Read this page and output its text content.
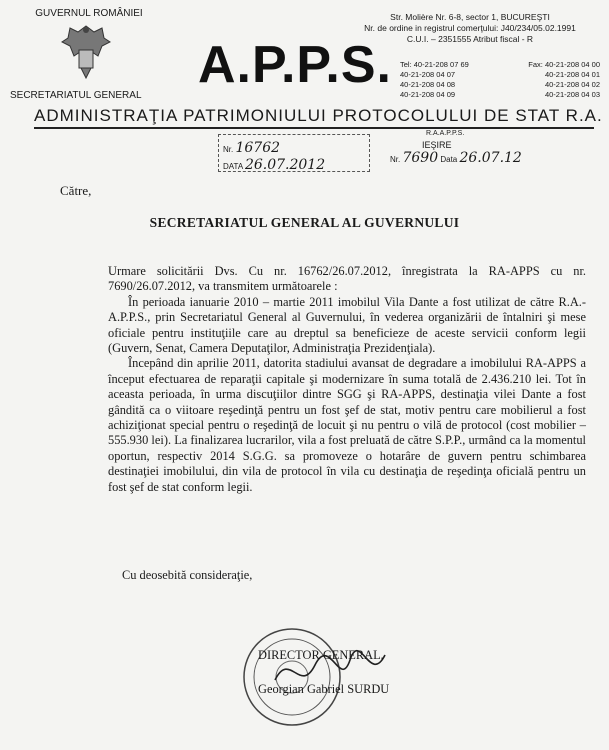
GUVERNUL ROMÂNIEI
SECRETARIATUL GENERAL
A.P.P.S.
Str. Molière Nr. 6-8, sector 1, BUCUREŞTI
Nr. de ordine in registrul comerţului: J40/234/05.02.1991
C.U.I. – 2351555 Atribut fiscal - R
Tel: 40-21-208 07 69	Fax: 40-21-208 04 00
40-21-208 04 07	40-21-208 04 01
40-21-208 04 08	40-21-208 04 02
40-21-208 04 09	40-21-208 04 03
ADMINISTRAŢIA PATRIMONIULUI PROTOCOLULUI DE STAT R.A.
Nr. 16762
DATA 26.07.2012
R.A.A.P.P.S.
IEŞIRE
Nr. 7690 Data 26.07.12
Către,
SECRETARIATUL GENERAL AL GUVERNULUI

Urmare solicitării Dvs. Cu nr. 16762/26.07.2012, înregistrata la RA-APPS cu nr. 7690/26.07.2012, va transmitem următoarele :

În perioada ianuarie 2010 – martie 2011 imobilul Vila Dante a fost utilizat de către R.A.-A.P.P.S., prin Secretariatul General al Guvernului, în vederea organizării de întalniri şi mese oficiale pentru instituţiile care au dreptul sa beneficieze de aceste servicii conform legii (Guvern, Senat, Camera Deputaţilor, Administraţia Prezidenţiala).

Începând din aprilie 2011, datorita stadiului avansat de degradare a imobilului RA-APPS a început efectuarea de reparaţii capitale şi modernizare în suma totală de 2.436.210 lei. Tot în aceasta perioada, în urma discuţiilor dintre SGG şi RA-APPS, destinaţia vilei Dante a fost gândită ca o viitoare reşedinţă pentru un fost şef de stat, motiv pentru care mobilierul a fost achiziţionat special pentru o reşedinţă de locuit şi nu pentru o vilă de protocol (cost mobilier – 555.930 lei). La finalizarea lucrarilor, vila a fost preluată de către S.P.P., urmând ca la momentul oportun, respectiv 2014 S.G.G. sa promoveze o hotarâre de guvern pentru schimbarea destinaţiei imobilului, din vila de protocol în vila cu destinaţia de reşedinţa oficială pentru un fost şef de stat conform legii.

Cu deosebită consideraţie,
DIRECTOR GENERAL,
Georgian Gabriel SURDU
